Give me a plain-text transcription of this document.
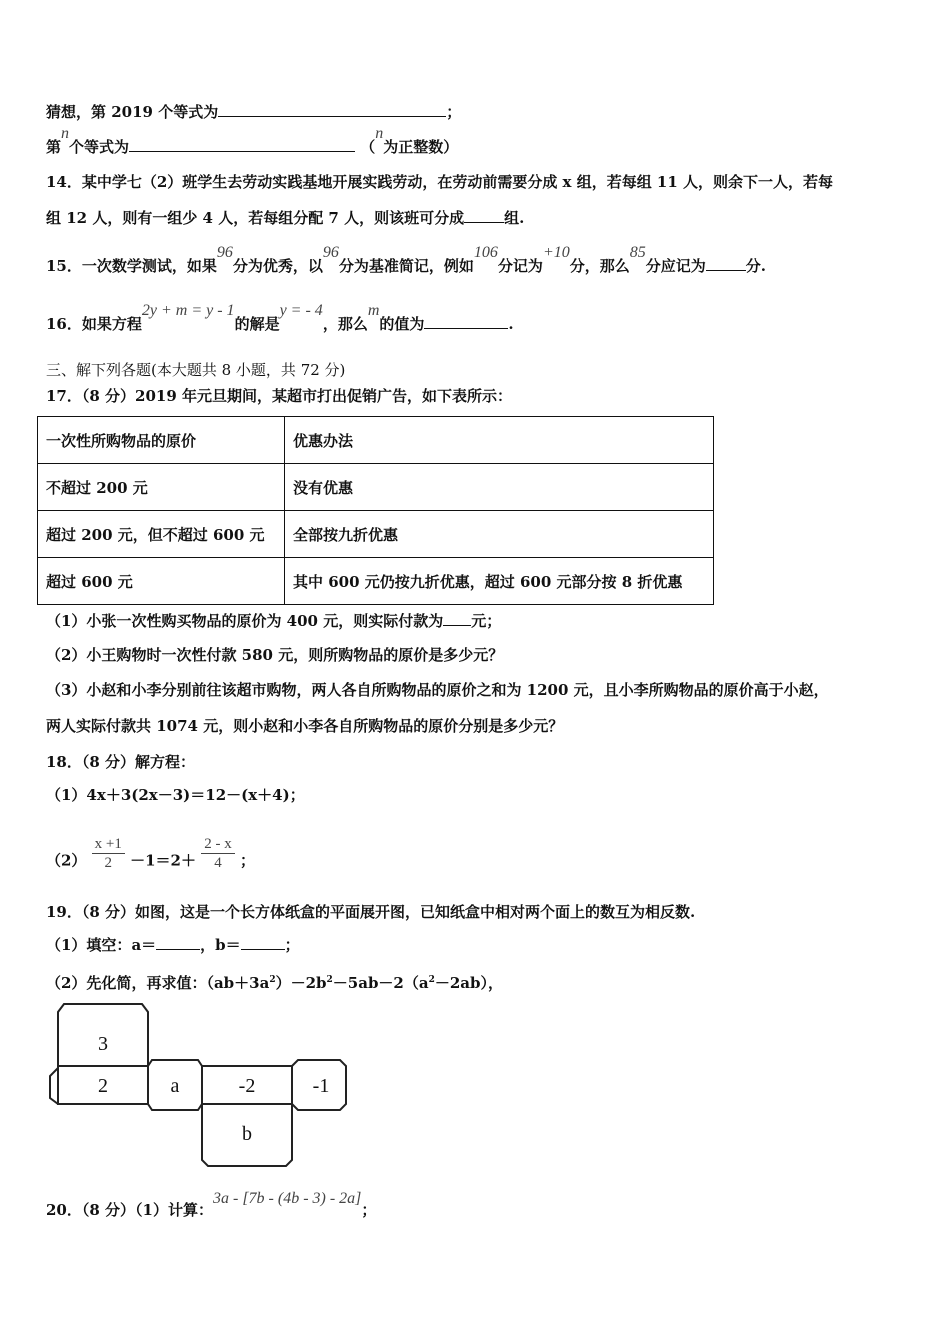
猜想，第 2019 个等式为	；
第n个等式为	（n为正整数）
14．某中学七（2）班学生去劳动实践基地开展实践劳动，在劳动前需要分成 x 组，若每组 11 人，则余下一人，若每
组 12 人，则有一组少 4 人，若每组分配 7 人，则该班可分成	组.
15．一次数学测试，如果96分为优秀，以96分为基准简记，例如106分记为+10分，那么85分应记为	分.
16．如果方程2y + m = y - 1的解是y = - 4，那么m的值为	.
三、解下列各题(本大题共 8 小题，共 72 分)
17．（8 分）2019 年元旦期间，某超市打出促销广告，如下表所示：
一次性所购物品的原价	优惠办法
不超过 200 元	没有优惠
超过 200 元，但不超过 600 元	全部按九折优惠
超过 600 元	其中 600 元仍按九折优惠，超过 600 元部分按 8 折优惠
（1）小张一次性购买物品的原价为 400 元，则实际付款为 元；
（2）小王购物时一次性付款 580 元，则所购物品的原价是多少元？
（3）小赵和小李分别前往该超市购物，两人各自所购物品的原价之和为 1200 元，且小李所购物品的原价高于小赵，
两人实际付款共 1074 元，则小赵和小李各自所购物品的原价分别是多少元？
18．（8 分）解方程：
（1）4x＋3(2x－3)＝12－(x＋4)；
$(2) \frac{x +1}{2} -1=2+ \frac{2 - x}{4}$ ；
19．（8 分）如图，这是一个长方体纸盒的平面展开图，已知纸盒中相对两个面上的数互为相反数.
（1）填空：a＝	，b＝	；
（2）先化简，再求值：$(ab+3a^2)-2b^2-5ab-2(a^2-2ab)$，
3
2	a	-2	-1
b
20．（8 分）（1）计算：3a - [7b - (4b - 3) - 2a]；
